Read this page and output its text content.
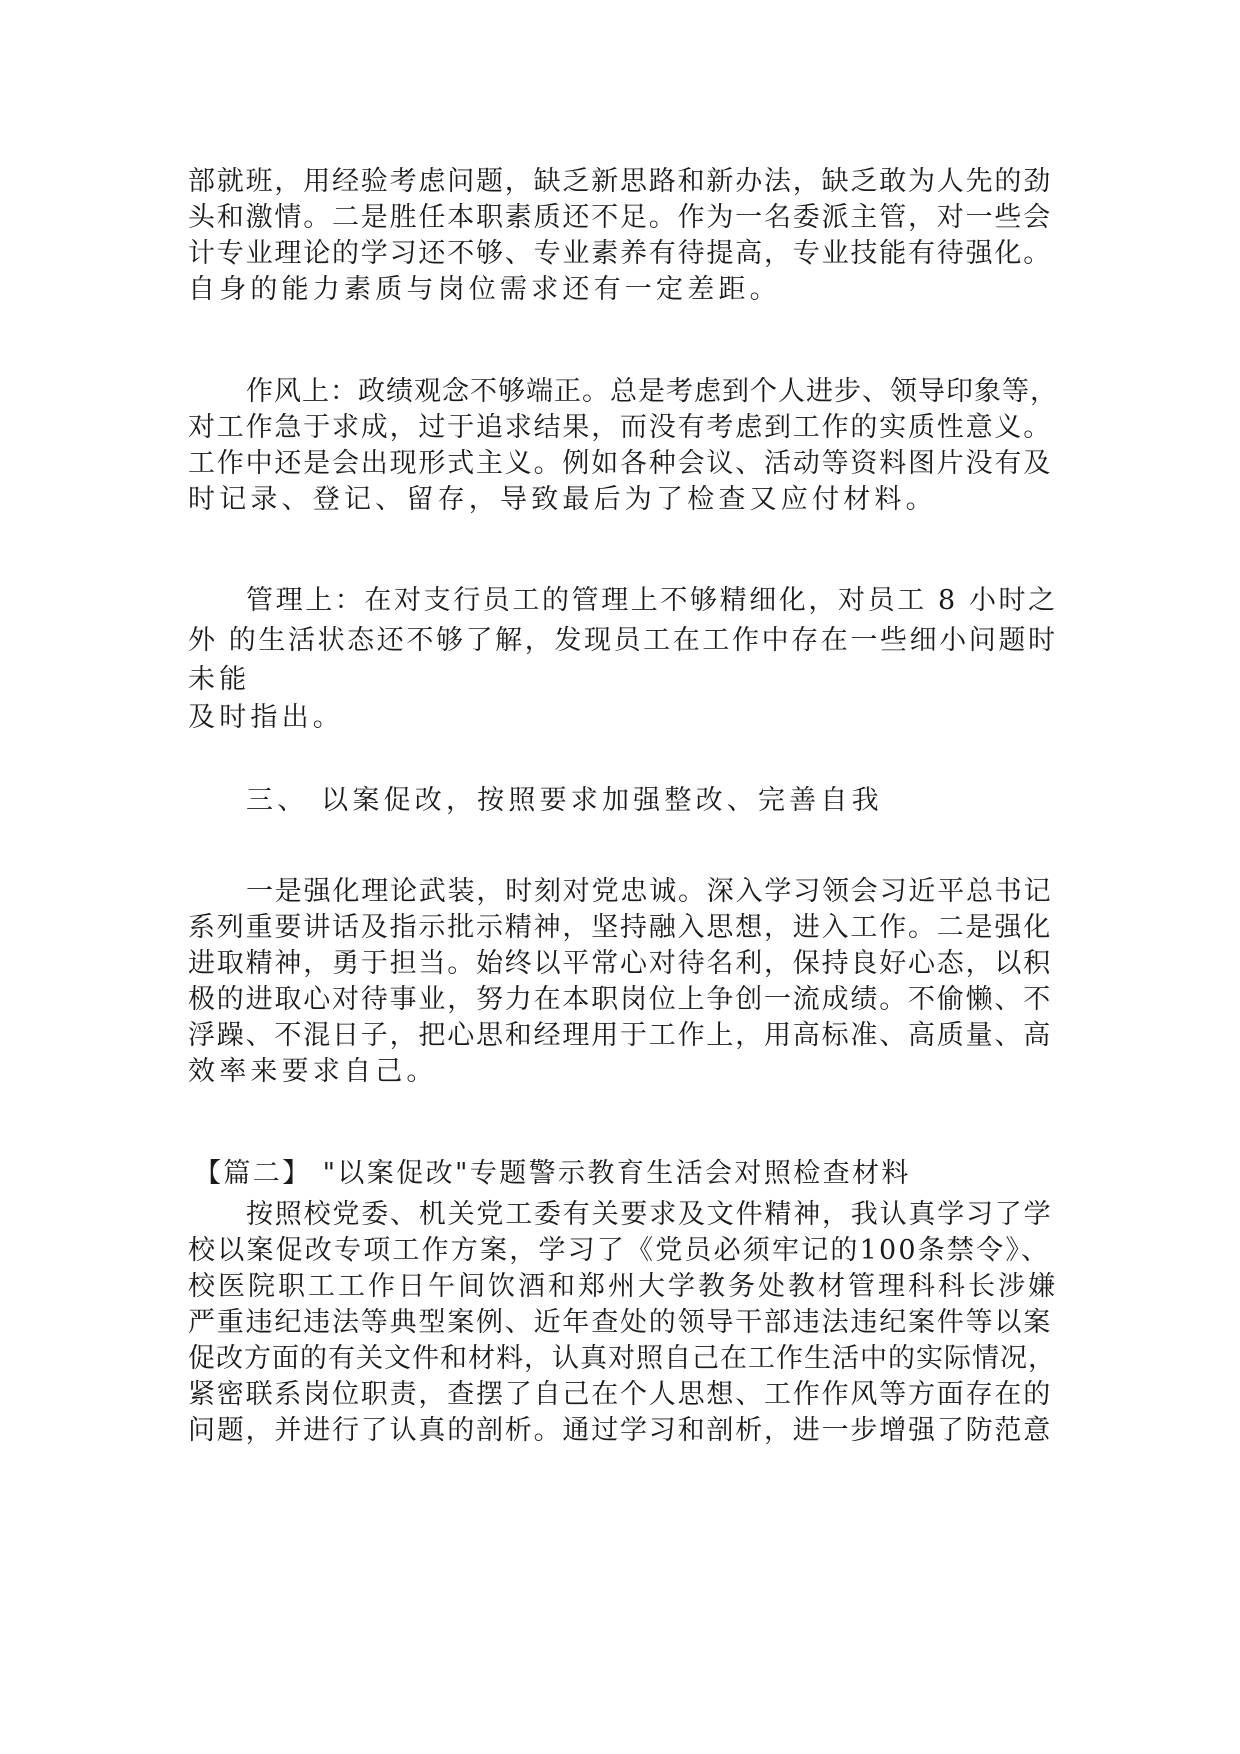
部就班，用经验考虑问题，缺乏新思路和新办法，缺乏敢为人先的劲
头和激情。二是胜任本职素质还不足。作为一名委派主管，对一些会
计专业理论的学习还不够、专业素养有待提高，专业技能有待强化。
自身的能力素质与岗位需求还有一定差距。
作风上：政绩观念不够端正。总是考虑到个人进步、领导印象等，
对工作急于求成，过于追求结果，而没有考虑到工作的实质性意义。
工作中还是会出现形式主义。例如各种会议、活动等资料图片没有及
时记录、登记、留存，导致最后为了检查又应付材料。
管理上：在对支行员工的管理上不够精细化，对员工 8 小时之
外 的生活状态还不够了解，发现员工在工作中存在一些细小问题时
未能
及时指出。
三、 以案促改，按照要求加强整改、完善自我
一是强化理论武装，时刻对党忠诚。深入学习领会习近平总书记
系列重要讲话及指示批示精神，坚持融入思想，进入工作。二是强化
进取精神，勇于担当。始终以平常心对待名利，保持良好心态，以积
极的进取心对待事业，努力在本职岗位上争创一流成绩。不偷懒、不
浮躁、不混日子，把心思和经理用于工作上，用高标准、高质量、高
效率来要求自己。
【篇二】 "以案促改"专题警示教育生活会对照检查材料
按照校党委、机关党工委有关要求及文件精神，我认真学习了学
校以案促改专项工作方案，学习了《党员必须牢记的100条禁令》、
校医院职工工作日午间饮酒和郑州大学教务处教材管理科科长涉嫌
严重违纪违法等典型案例、近年查处的领导干部违法违纪案件等以案
促改方面的有关文件和材料，认真对照自己在工作生活中的实际情况，
紧密联系岗位职责，查摆了自己在个人思想、工作作风等方面存在的
问题，并进行了认真的剖析。通过学习和剖析，进一步增强了防范意
